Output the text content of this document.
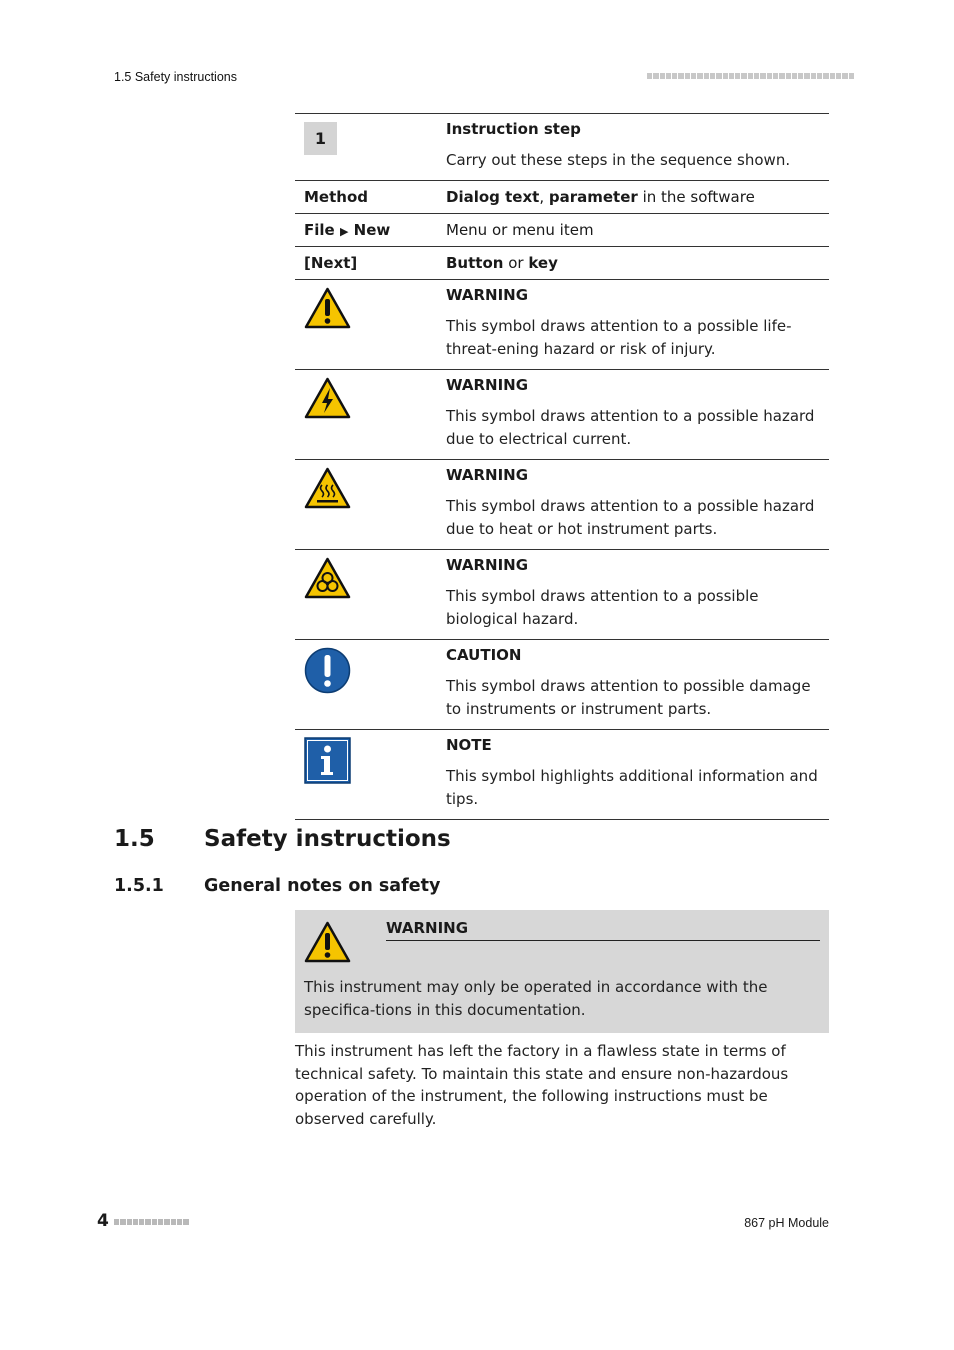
1.5 Safety instructions
1	Instruction step
Carry out these steps in the sequence shown.

Method	Dialog text, parameter in the software
File ▶ New	Menu or menu item
[Next]	Button or key

WARNING
This symbol draws attention to a possible life-threat-ening hazard or risk of injury.

WARNING
This symbol draws attention to a possible hazard due to electrical current.

WARNING
This symbol draws attention to a possible hazard due to heat or hot instrument parts.

WARNING
This symbol draws attention to a possible biological hazard.

CAUTION
This symbol draws attention to possible damage to instruments or instrument parts.

NOTE
This symbol highlights additional information and tips.
1.5 Safety instructions
1.5.1 General notes on safety
WARNING
This instrument may only be operated in accordance with the specifica-tions in this documentation.
This instrument has left the factory in a flawless state in terms of technical safety. To maintain this state and ensure non-hazardous operation of the instrument, the following instructions must be observed carefully.
4	867 pH Module
